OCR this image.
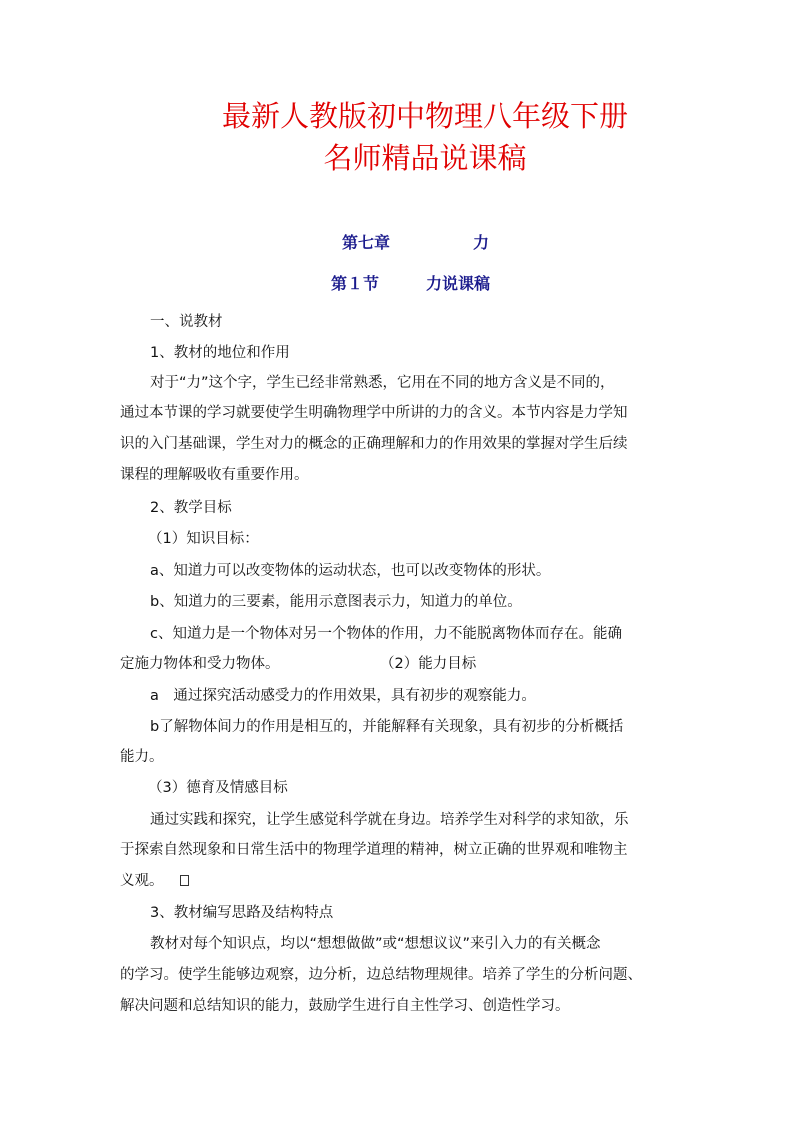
最新人教版初中物理八年级下册
名师精品说课稿
第七章	力
第１节	力说课稿
一、说教材
1、教材的地位和作用
对于“力”这个字，学生已经非常熟悉，它用在不同的地方含义是不同的，
通过本节课的学习就要使学生明确物理学中所讲的力的含义。本节内容是力学知
识的入门基础课，学生对力的概念的正确理解和力的作用效果的掌握对学生后续
课程的理解吸收有重要作用。
2、教学目标
（1）知识目标：
a、知道力可以改变物体的运动状态，也可以改变物体的形状。
b、知道力的三要素，能用示意图表示力，知道力的单位。
c、知道力是一个物体对另一个物体的作用，力不能脱离物体而存在。能确
定施力物体和受力物体。	（2）能力目标
a　通过探究活动感受力的作用效果，具有初步的观察能力。
b了解物体间力的作用是相互的，并能解释有关现象，具有初步的分析概括
能力。
（3）德育及情感目标
通过实践和探究，让学生感觉科学就在身边。培养学生对科学的求知欲，乐
于探索自然现象和日常生活中的物理学道理的精神，树立正确的世界观和唯物主
义观。
3、教材编写思路及结构特点
教材对每个知识点，均以“想想做做”或“想想议议”来引入力的有关概念
的学习。使学生能够边观察，边分析，边总结物理规律。培养了学生的分析问题、
解决问题和总结知识的能力，鼓励学生进行自主性学习、创造性学习。
